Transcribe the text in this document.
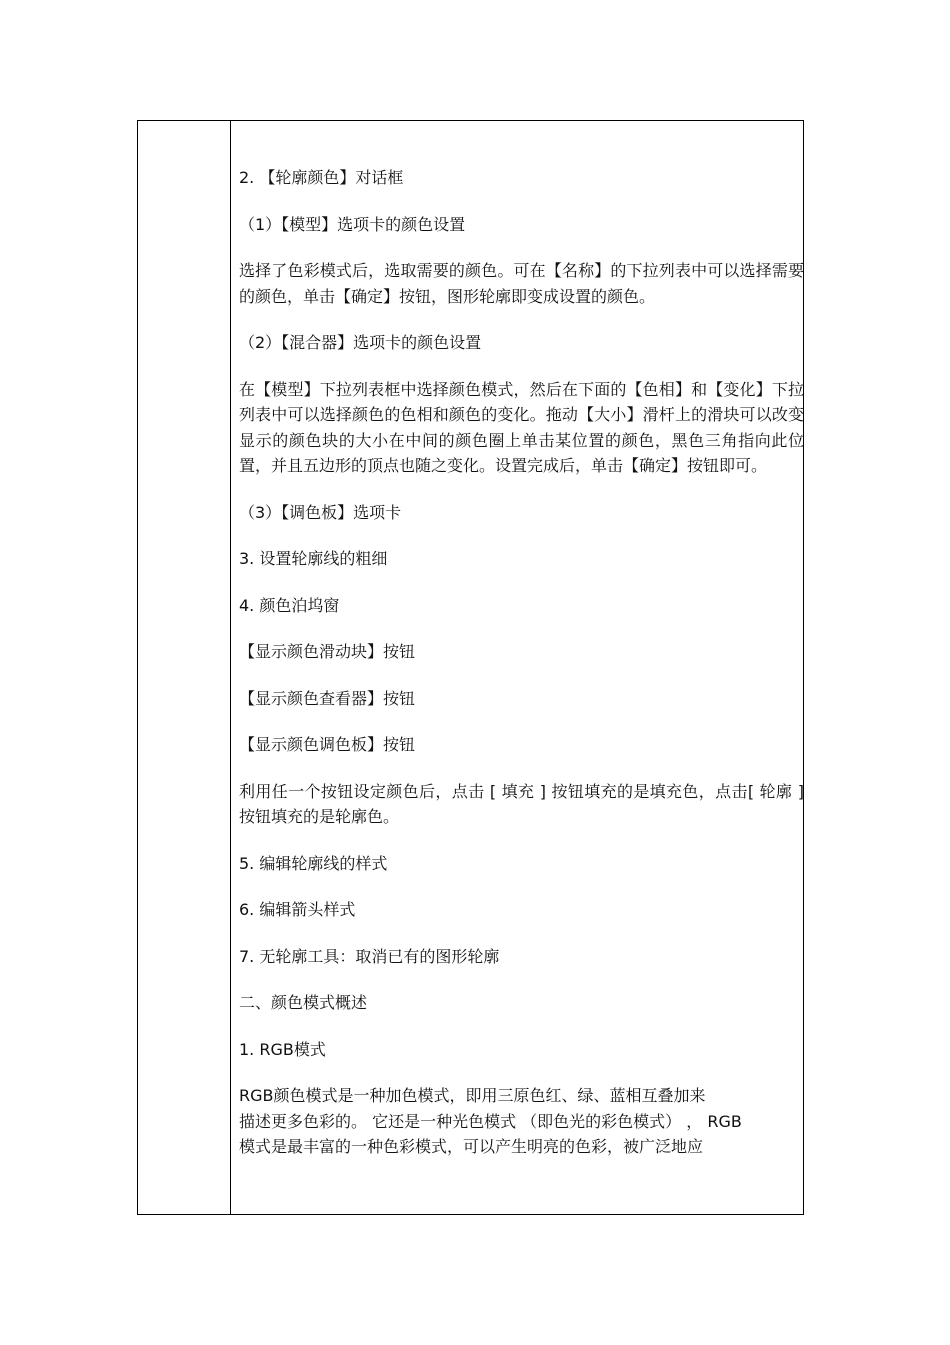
2. 【轮廓颜色】对话框

（1）【模型】选项卡的颜色设置

选择了色彩模式后，选取需要的颜色。可在【名称】的下拉列表中可以选择需要的颜色，单击【确定】按钮，图形轮廓即变成设置的颜色。

（2）【混合器】选项卡的颜色设置

在【模型】下拉列表框中选择颜色模式，然后在下面的【色相】和【变化】下拉列表中可以选择颜色的色相和颜色的变化。拖动【大小】滑杆上的滑块可以改变显示的颜色块的大小在中间的颜色圈上单击某位置的颜色，黑色三角指向此位置，并且五边形的顶点也随之变化。设置完成后，单击【确定】按钮即可。

（3）【调色板】选项卡

3. 设置轮廓线的粗细

4. 颜色泊坞窗

【显示颜色滑动块】按钮

【显示颜色查看器】按钮

【显示颜色调色板】按钮

利用任一个按钮设定颜色后，点击 [ 填充 ] 按钮填充的是填充色，点击[ 轮廓 ] 按钮填充的是轮廓色。

5. 编辑轮廓线的样式

6. 编辑箭头样式

7. 无轮廓工具：取消已有的图形轮廓

二、颜色模式概述

1. RGB模式

RGB颜色模式是一种加色模式，即用三原色红、绿、蓝相互叠加来

描述更多色彩的。 它还是一种光色模式 （即色光的彩色模式） ， RGB

模式是最丰富的一种色彩模式，可以产生明亮的色彩，被广泛地应
